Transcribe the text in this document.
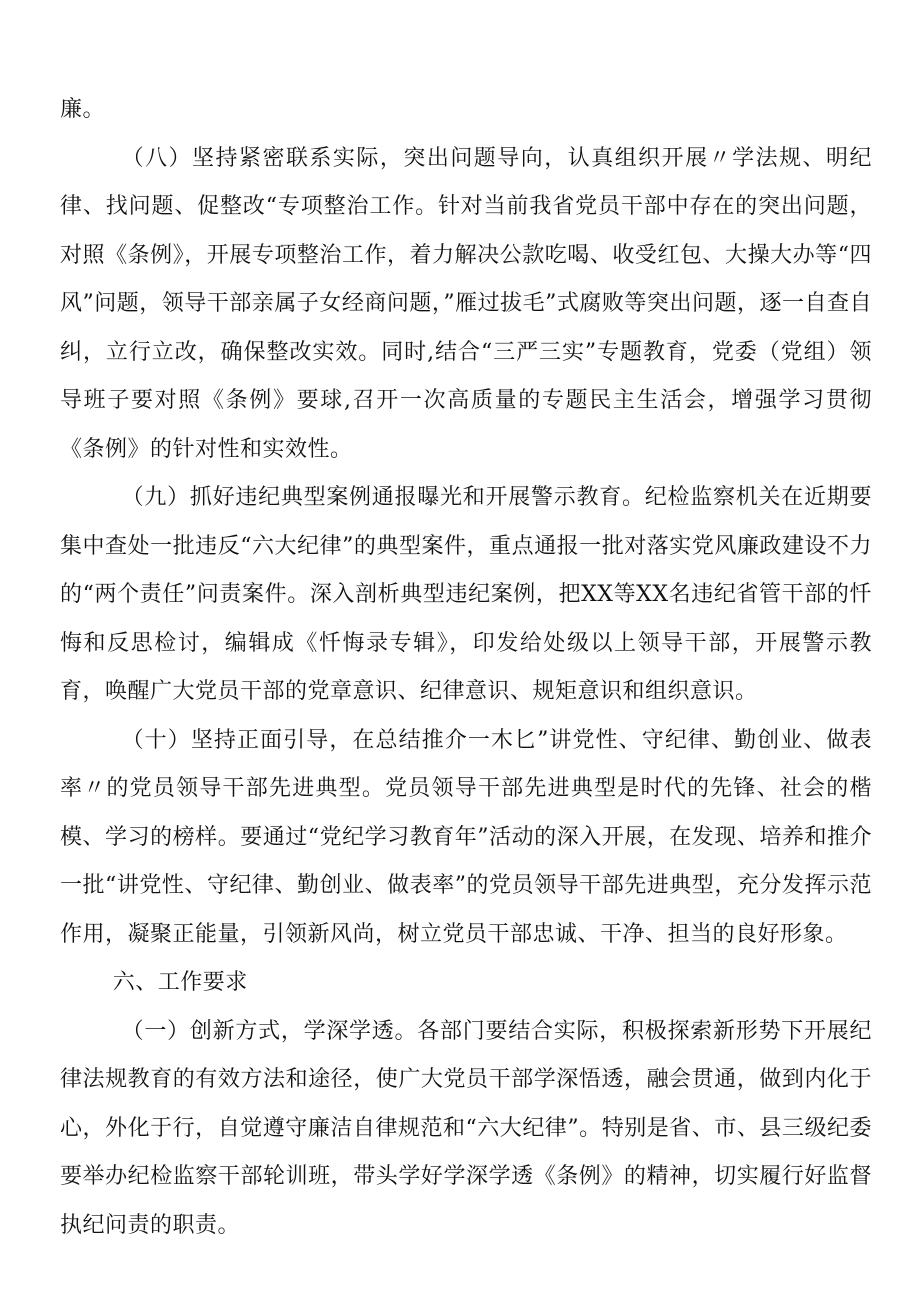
廉。

（八）坚持紧密联系实际，突出问题导向，认真组织开展〃学法规、明纪律、找问题、促整改“专项整治工作。针对当前我省党员干部中存在的突出问题，对照《条例》，开展专项整治工作，着力解决公款吃喝、收受红包、大操大办等“四风”问题，领导干部亲属子女经商问题，”雁过拔毛”式腐败等突出问题，逐一自查自纠，立行立改，确保整改实效。同时,结合“三严三实”专题教育，党委（党组）领导班子要对照《条例》要球,召开一次高质量的专题民主生活会，增强学习贯彻《条例》的针对性和实效性。

（九）抓好违纪典型案例通报曝光和开展警示教育。纪检监察机关在近期要集中查处一批违反“六大纪律”的典型案件，重点通报一批对落实党风廉政建设不力的“两个责任”问责案件。深入剖析典型违纪案例，把XX等XX名违纪省管干部的忏悔和反思检讨，编辑成《忏悔录专辑》，印发给处级以上领导干部，开展警示教育，唤醒广大党员干部的党章意识、纪律意识、规矩意识和组织意识。

（十）坚持正面引导，在总结推介一木匕”讲党性、守纪律、勤创业、做表率〃的党员领导干部先进典型。党员领导干部先进典型是时代的先锋、社会的楷模、学习的榜样。要通过“党纪学习教育年”活动的深入开展，在发现、培养和推介一批“讲党性、守纪律、勤创业、做表率”的党员领导干部先进典型，充分发挥示范作用，凝聚正能量，引领新风尚，树立党员干部忠诚、干净、担当的良好形象。

六、工作要求

（一）创新方式，学深学透。各部门要结合实际，积极探索新形势下开展纪律法规教育的有效方法和途径，使广大党员干部学深悟透，融会贯通，做到内化于心，外化于行，自觉遵守廉洁自律规范和“六大纪律”。特别是省、市、县三级纪委要举办纪检监察干部轮训班，带头学好学深学透《条例》的精神，切实履行好监督执纪问责的职责。
